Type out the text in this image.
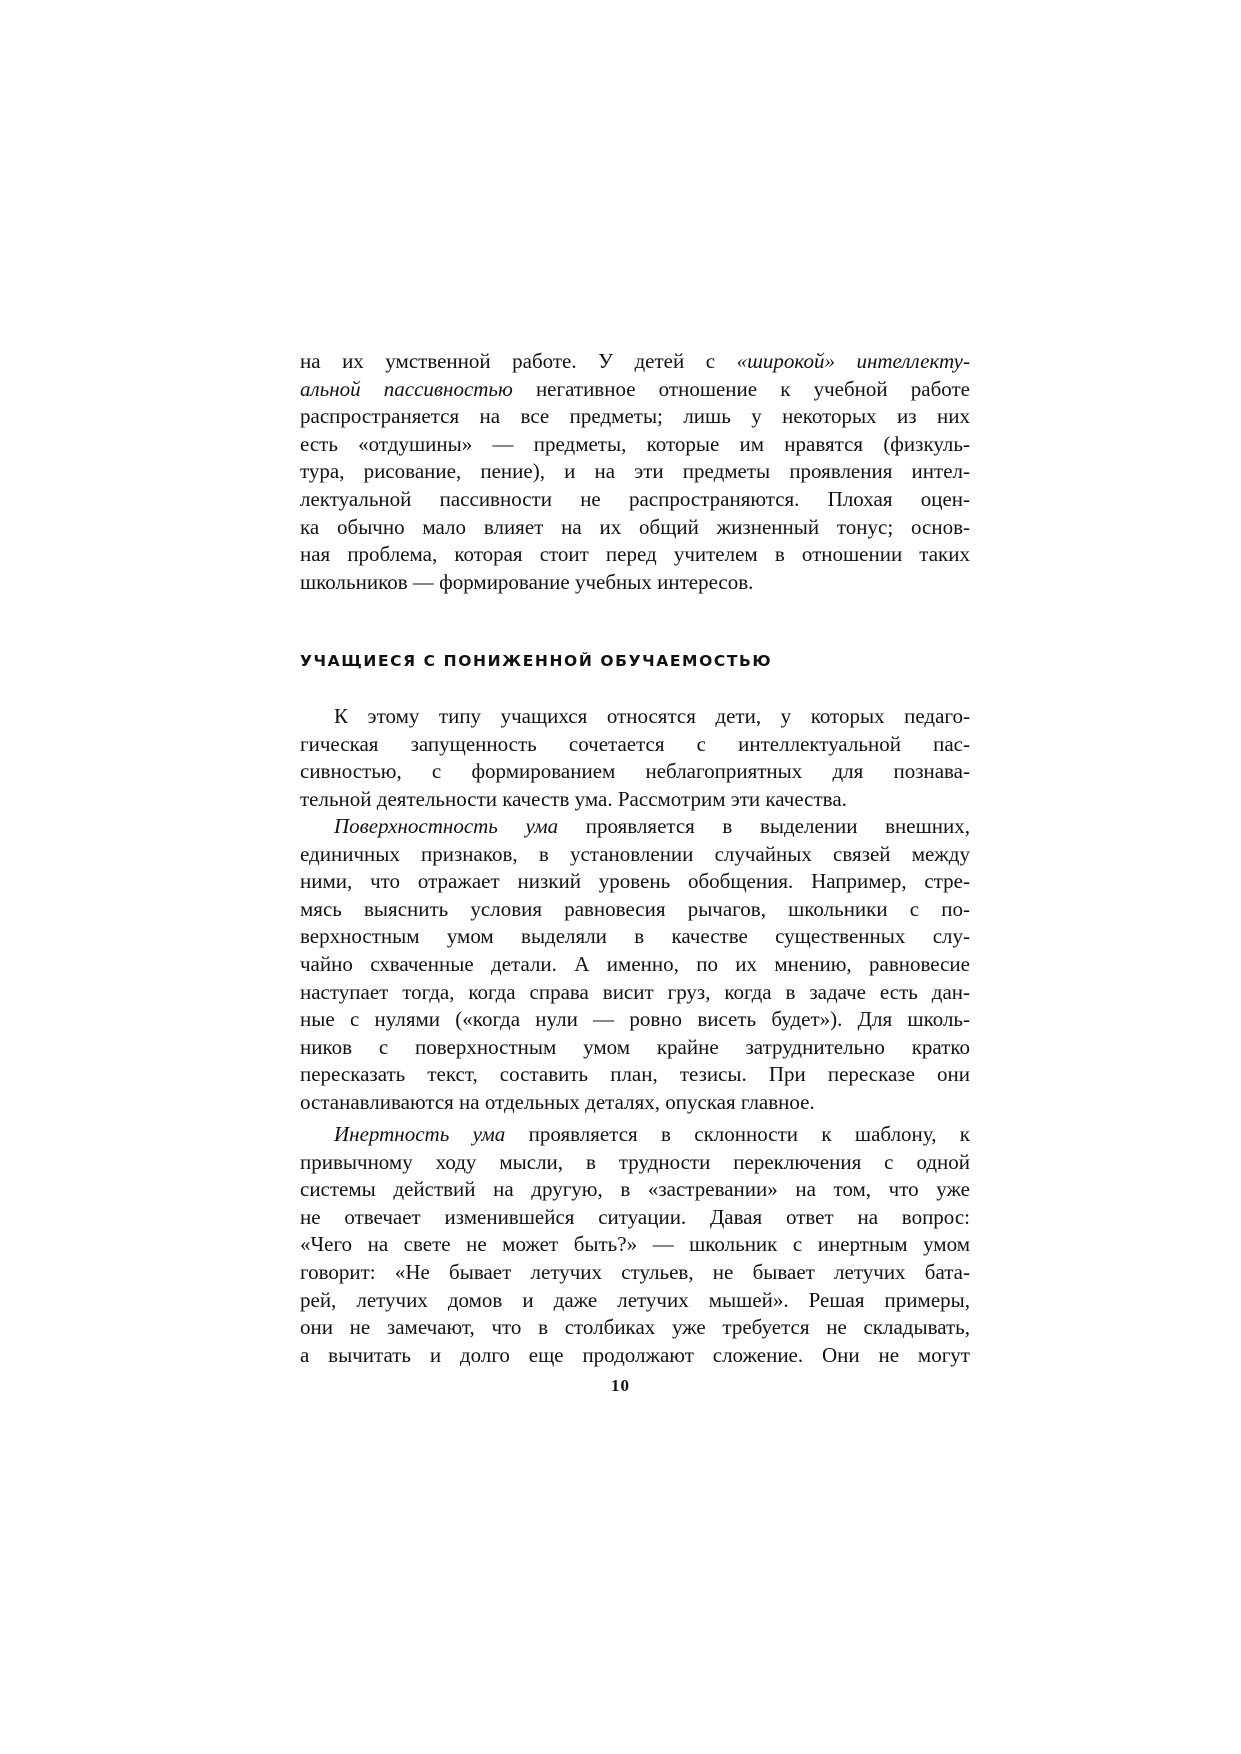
на их умственной работе. У детей с «широкой» интеллекту-
альной пассивностью негативное отношение к учебной работе
распространяется на все предметы; лишь у некоторых из них
есть «отдушины» — предметы, которые им нравятся (физкуль-
тура, рисование, пение), и на эти предметы проявления интел-
лектуальной пассивности не распространяются. Плохая оцен-
ка обычно мало влияет на их общий жизненный тонус; основ-
ная проблема, которая стоит перед учителем в отношении таких
школьников — формирование учебных интересов.
УЧАЩИЕСЯ С ПОНИЖЕННОЙ ОБУЧАЕМОСТЬЮ
К этому типу учащихся относятся дети, у которых педаго-
гическая запущенность сочетается с интеллектуальной пас-
сивностью, с формированием неблагоприятных для познава-
тельной деятельности качеств ума. Рассмотрим эти качества.
Поверхностность ума проявляется в выделении внешних,
единичных признаков, в установлении случайных связей между
ними, что отражает низкий уровень обобщения. Например, стре-
мясь выяснить условия равновесия рычагов, школьники с по-
верхностным умом выделяли в качестве существенных слу-
чайно схваченные детали. А именно, по их мнению, равновесие
наступает тогда, когда справа висит груз, когда в задаче есть дан-
ные с нулями («когда нули — ровно висеть будет»). Для школь-
ников с поверхностным умом крайне затруднительно кратко
пересказать текст, составить план, тезисы. При пересказе они
останавливаются на отдельных деталях, опуская главное.
Инертность ума проявляется в склонности к шаблону, к
привычному ходу мысли, в трудности переключения с одной
системы действий на другую, в «застревании» на том, что уже
не отвечает изменившейся ситуации. Давая ответ на вопрос:
«Чего на свете не может быть?» — школьник с инертным умом
говорит: «Не бывает летучих стульев, не бывает летучих бата-
рей, летучих домов и даже летучих мышей». Решая примеры,
они не замечают, что в столбиках уже требуется не складывать,
а вычитать и долго еще продолжают сложение. Они не могут
10
